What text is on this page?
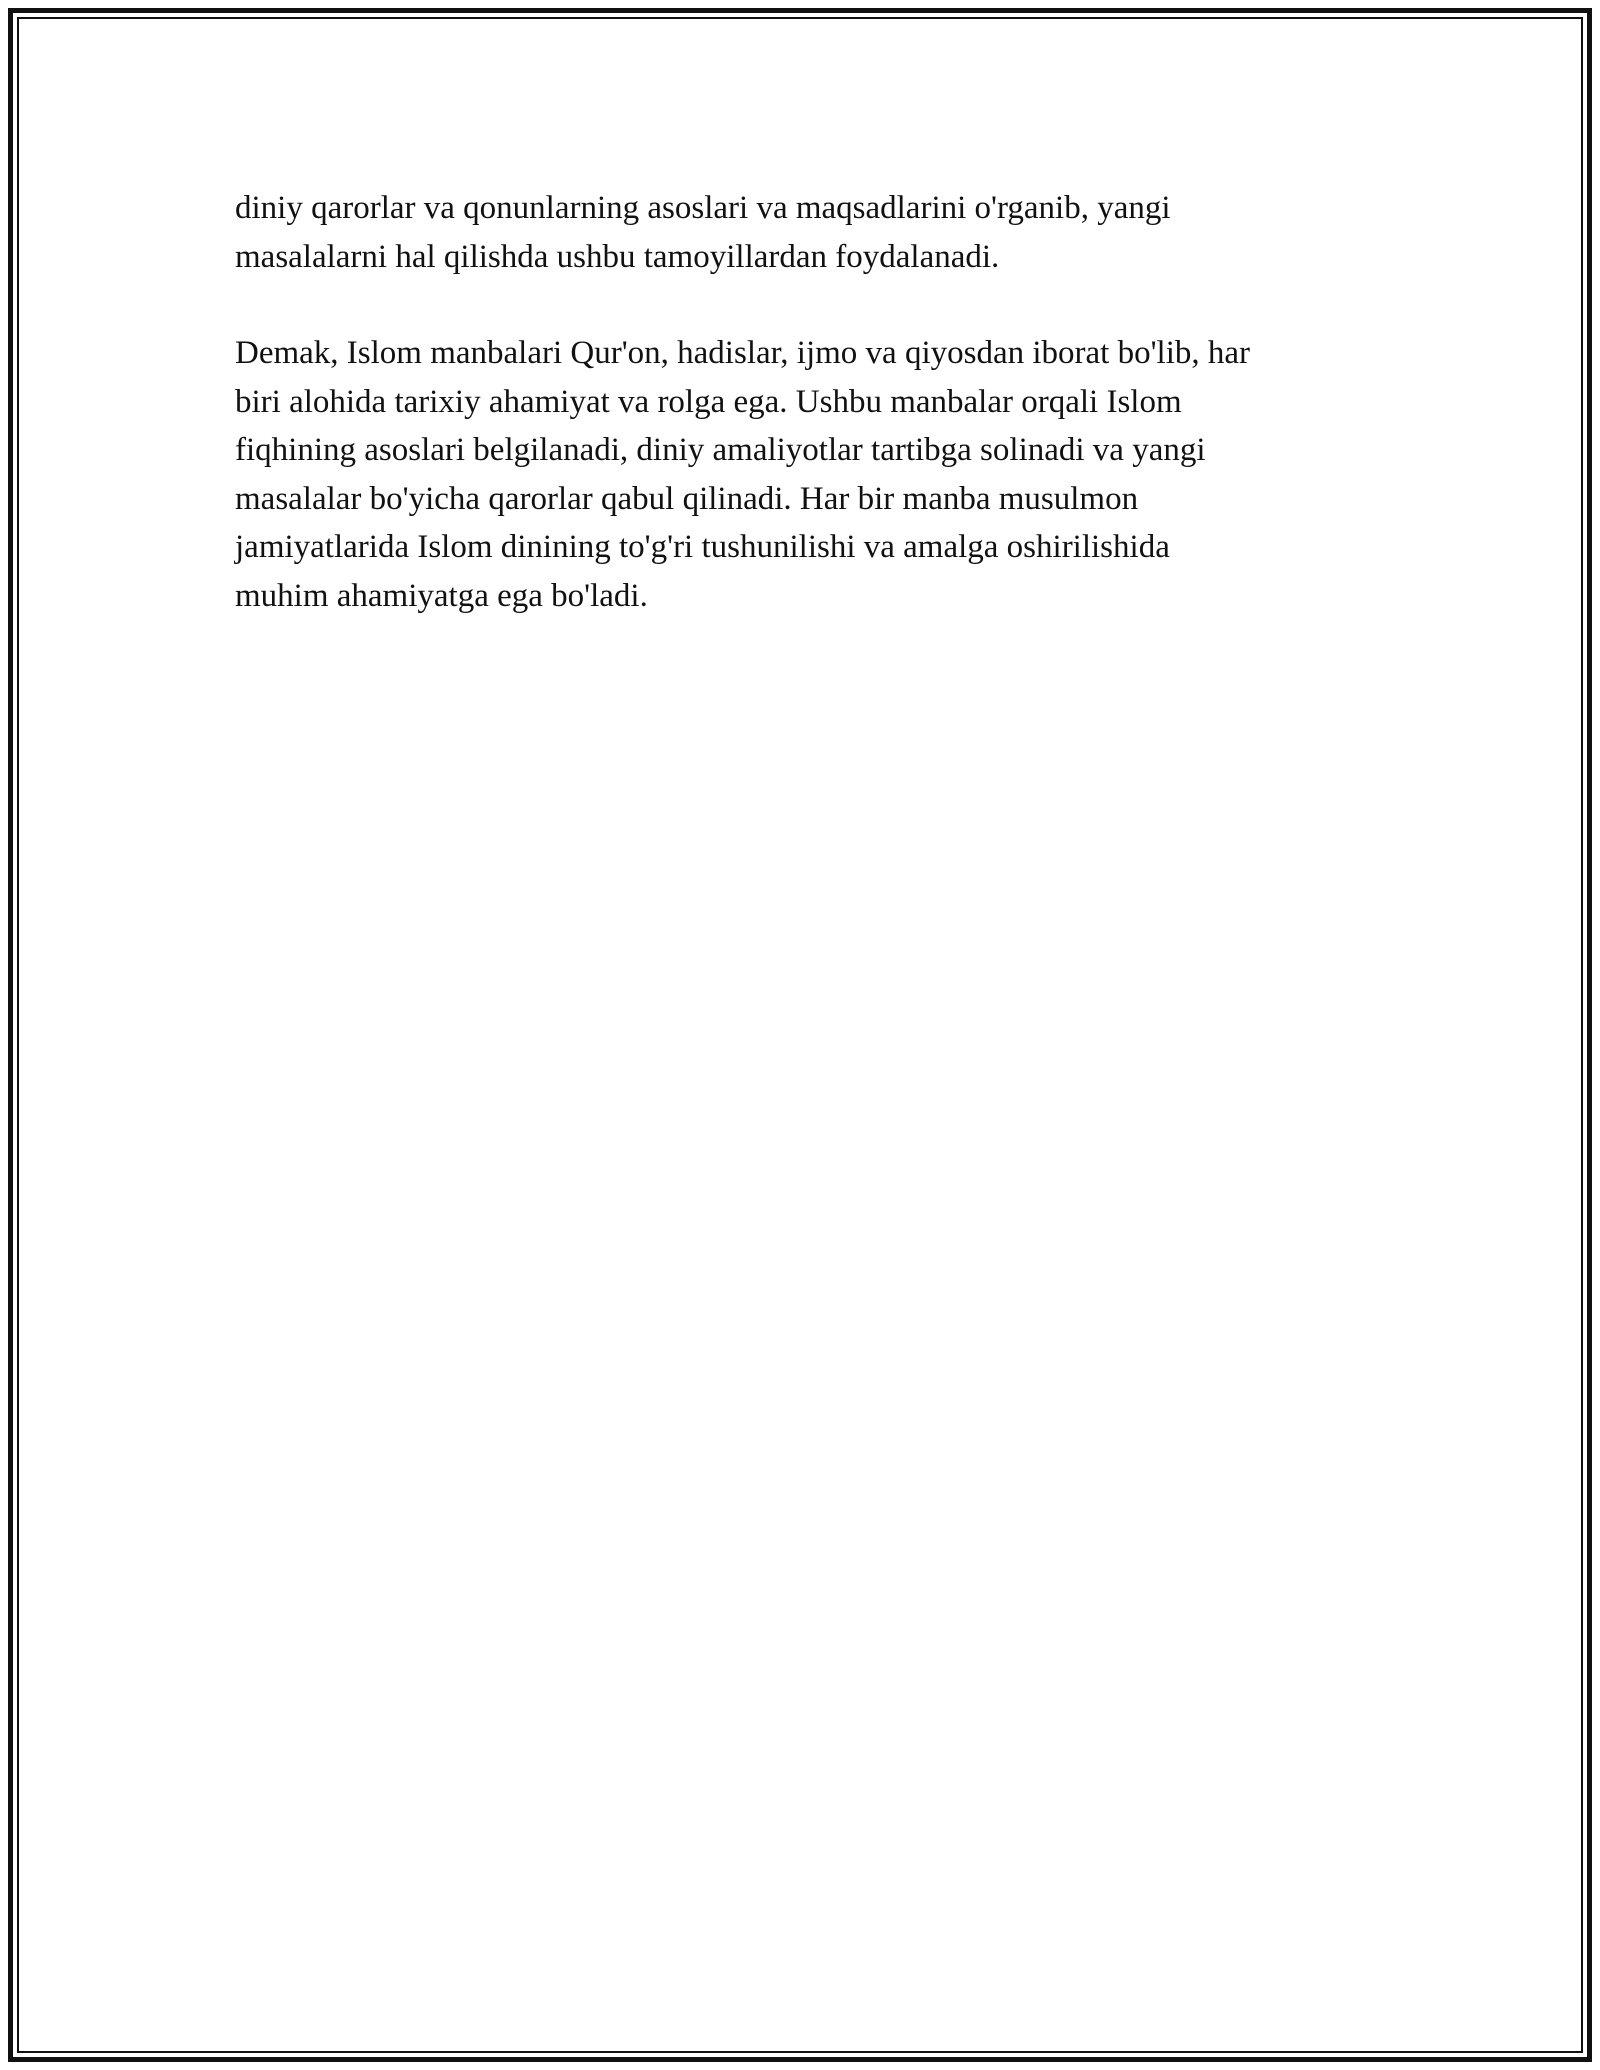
diniy qarorlar va qonunlarning asoslari va maqsadlarini o'rganib, yangi
masalalarni hal qilishda ushbu tamoyillardan foydalanadi.

Demak, Islom manbalari Qur'on, hadislar, ijmo va qiyosdan iborat bo'lib, har
biri alohida tarixiy ahamiyat va rolga ega. Ushbu manbalar orqali Islom
fiqhining asoslari belgilanadi, diniy amaliyotlar tartibga solinadi va yangi
masalalar bo'yicha qarorlar qabul qilinadi. Har bir manba musulmon
jamiyatlarida Islom dinining to'g'ri tushunilishi va amalga oshirilishida
muhim ahamiyatga ega bo'ladi.
